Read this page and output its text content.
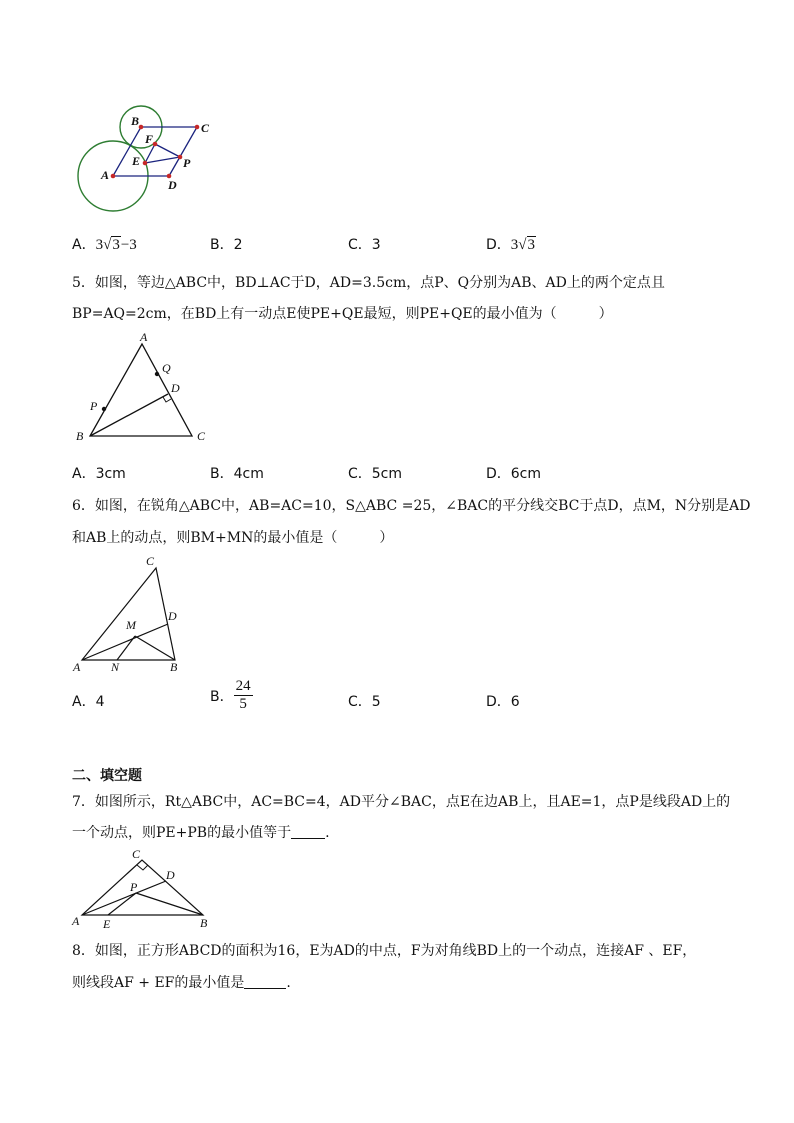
B	C
F
E	P
A
D
A．3√3−3	B．2	C．3	D．3√3
5．如图，等边△ABC中，BD⊥AC于D，AD=3.5cm，点P、Q分别为AB、AD上的两个定点且
BP=AQ=2cm，在BD上有一动点E使PE+QE最短，则PE+QE的最小值为（　　　）
A
Q
D
P
B	C
A．3cm	B．4cm	C．5cm	D．6cm
6．如图，在锐角△ABC中，AB=AC=10，S△ABC =25，∠BAC的平分线交BC于点D，点M，N分别是AD
和AB上的动点，则BM+MN的最小值是（　　　）
C
D
M
A	N	B
A．4	B． $\frac{24}{5}$	C．5	D．6
二、填空题
7．如图所示，Rt△ABC中，AC=BC=4，AD平分∠BAC，点E在边AB上，且AE=1，点P是线段AD上的
一个动点，则PE+PB的最小值等于 .
C
D
P
A E	B
8．如图，正方形ABCD的面积为16，E为AD的中点，F为对角线BD上的一个动点，连接AF 、EF，
则线段AF + EF的最小值是	.
